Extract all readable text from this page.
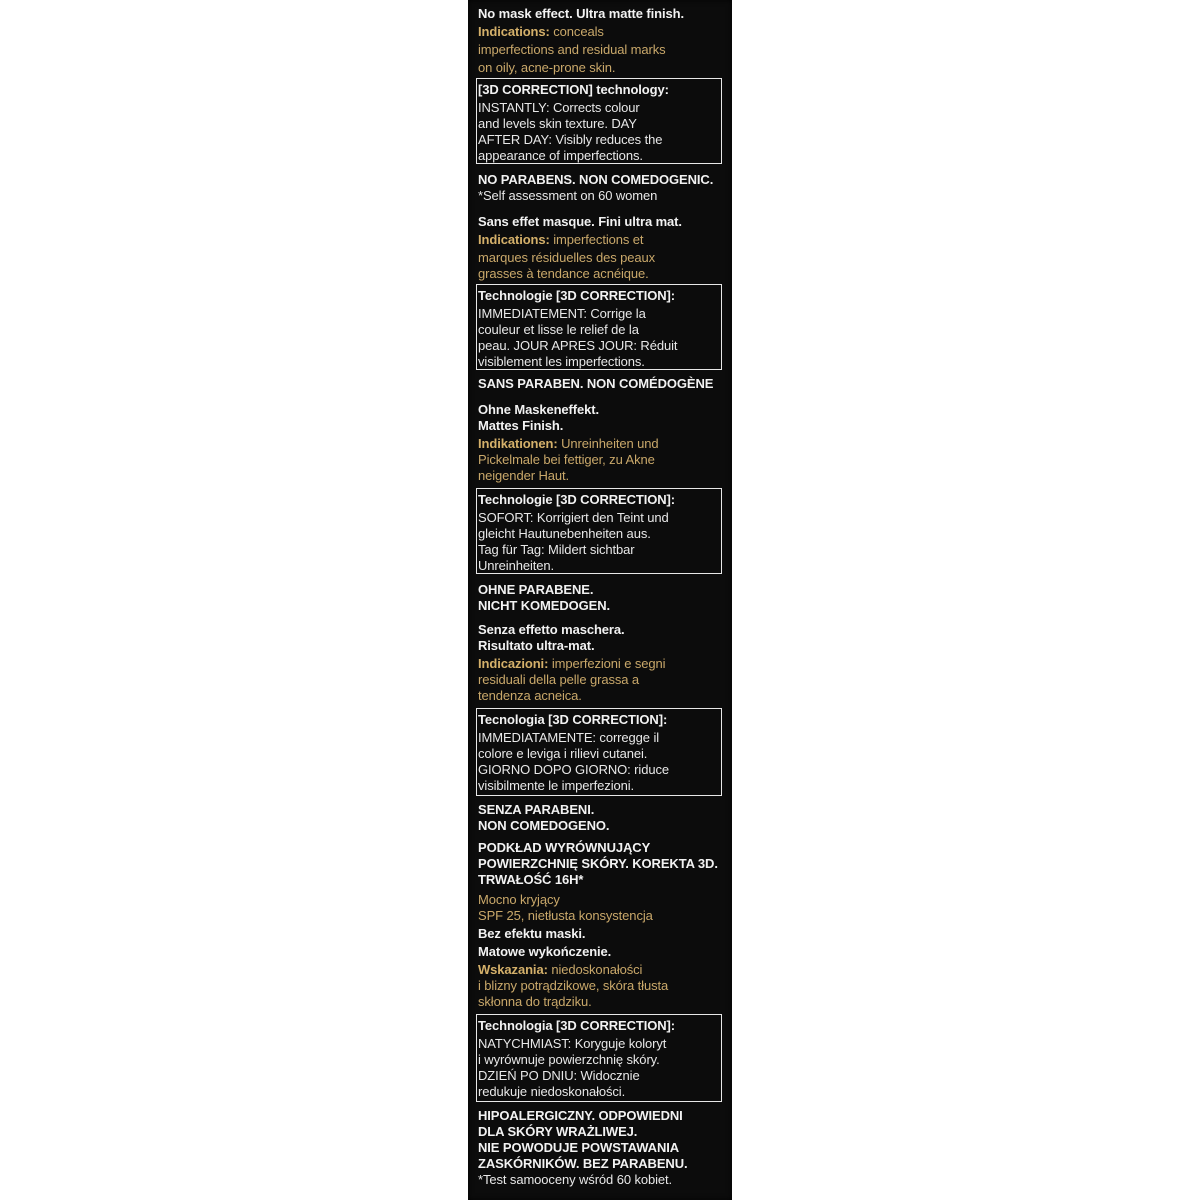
No mask effect. Ultra matte finish.
Indications: conceals
imperfections and residual marks
on oily, acne-prone skin.
[3D CORRECTION] technology:
INSTANTLY: Corrects colour
and levels skin texture. DAY
AFTER DAY: Visibly reduces the
appearance of imperfections.
NO PARABENS. NON COMEDOGENIC.
*Self assessment on 60 women
Sans effet masque. Fini ultra mat.
Indications: imperfections et
marques résiduelles des peaux
grasses à tendance acnéique.
Technologie [3D CORRECTION]:
IMMEDIATEMENT: Corrige la
couleur et lisse le relief de la
peau. JOUR APRES JOUR: Réduit
visiblement les imperfections.
SANS PARABEN. NON COMÉDOGÈNE
Ohne Maskeneffekt.
Mattes Finish.
Indikationen: Unreinheiten und
Pickelmale bei fettiger, zu Akne
neigender Haut.
Technologie [3D CORRECTION]:
SOFORT: Korrigiert den Teint und
gleicht Hautunebenheiten aus.
Tag für Tag: Mildert sichtbar
Unreinheiten.
OHNE PARABENE.
NICHT KOMEDOGEN.
Senza effetto maschera.
Risultato ultra-mat.
Indicazioni: imperfezioni e segni
residuali della pelle grassa a
tendenza acneica.
Tecnologia [3D CORRECTION]:
IMMEDIATAMENTE: corregge il
colore e leviga i rilievi cutanei.
GIORNO DOPO GIORNO: riduce
visibilmente le imperfezioni.
SENZA PARABENI.
NON COMEDOGENO.
PODKŁAD WYRÓWNUJĄCY
POWIERZCHNIĘ SKÓRY. KOREKTA 3D.
TRWAŁOŚĆ 16H*
Mocno kryjący
SPF 25, nietłusta konsystencja
Bez efektu maski.
Matowe wykończenie.
Wskazania: niedoskonałości
i blizny potrądzikowe, skóra tłusta
skłonna do trądziku.
Technologia [3D CORRECTION]:
NATYCHMIAST: Koryguje koloryt
i wyrównuje powierzchnię skóry.
DZIEŃ PO DNIU: Widocznie
redukuje niedoskonałości.
HIPOALERGICZNY. ODPOWIEDNI
DLA SKÓRY WRAŻLIWEJ.
NIE POWODUJE POWSTAWANIA
ZASKÓRNIKÓW. BEZ PARABENU.
*Test samooceny wśród 60 kobiet.
